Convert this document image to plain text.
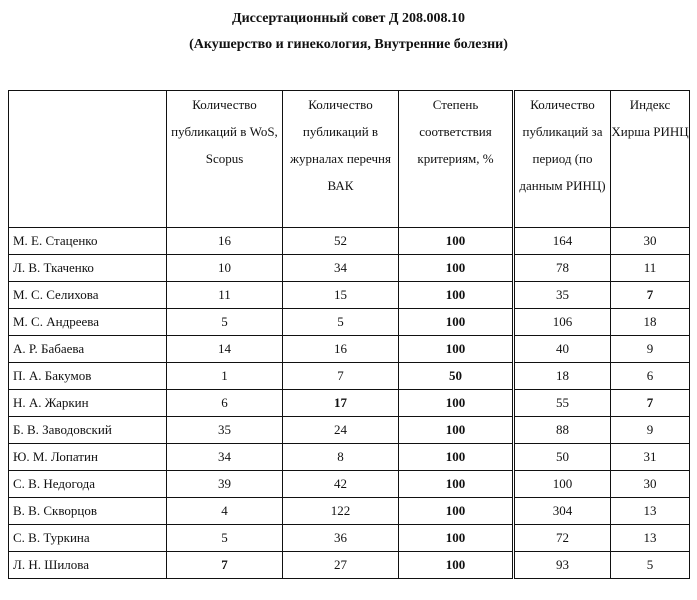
Диссертационный совет Д 208.008.10
(Акушерство и гинекология, Внутренние болезни)
	Количество публикаций в WoS, Scopus	Количество публикаций в журналах перечня ВАК	Степень соответствия критериям, %	Количество публикаций за период (по данным РИНЦ)	Индекс Хирша РИНЦ
М. Е. Стаценко	16	52	100	164	30
Л. В. Ткаченко	10	34	100	78	11
М. С. Селихова	11	15	100	35	7
М. С. Андреева	5	5	100	106	18
А. Р. Бабаева	14	16	100	40	9
П. А. Бакумов	1	7	50	18	6
Н. А. Жаркин	6	17	100	55	7
Б. В. Заводовский	35	24	100	88	9
Ю. М. Лопатин	34	8	100	50	31
С. В. Недогода	39	42	100	100	30
В. В. Скворцов	4	122	100	304	13
С. В. Туркина	5	36	100	72	13
Л. Н. Шилова	7	27	100	93	5
